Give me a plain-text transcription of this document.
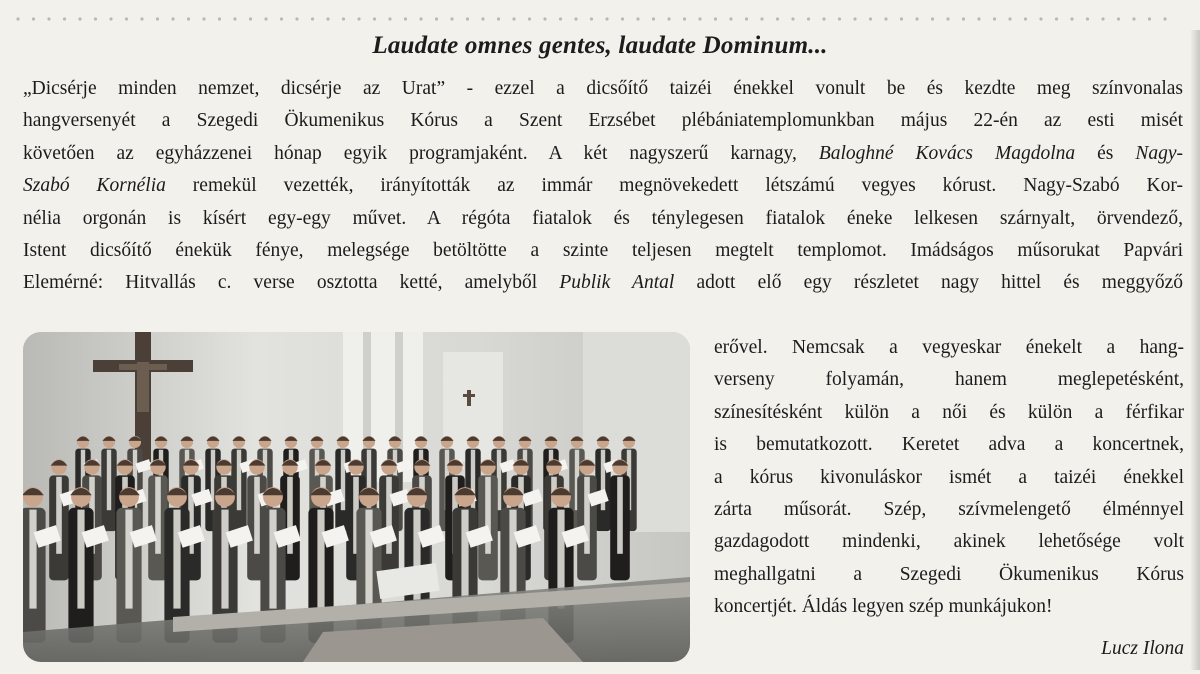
Laudate omnes gentes, laudate Dominum...
„Dicsérje minden nemzet, dicsérje az Urat” - ezzel a dicsőítő taizéi énekkel vonult be és kezdte meg színvonalas
hangversenyét a Szegedi Ökumenikus Kórus a Szent Erzsébet plébániatemplomunkban május 22-én az esti misét
követően az egyházzenei hónap egyik programjaként. A két nagyszerű karnagy, Baloghné Kovács Magdolna és Nagy-
Szabó Kornélia remekül vezették, irányították az immár megnövekedett létszámú vegyes kórust. Nagy-Szabó Kor-
nélia orgonán is kísért egy-egy művet. A régóta fiatalok és ténylegesen fiatalok éneke lelkesen szárnyalt, örvendező,
Istent dicsőítő énekük fénye, melegsége betöltötte a szinte teljesen megtelt templomot. Imádságos műsorukat Papvári
Elemérné: Hitvallás c. verse osztotta ketté, amelyből Publik Antal adott elő egy részletet nagy hittel és meggyőző
erővel. Nemcsak a vegyeskar énekelt a hang-
verseny folyamán, hanem meglepetésként,
színesítésként külön a női és külön a férfikar
is bemutatkozott. Keretet adva a koncertnek,
a kórus kivonuláskor ismét a taizéi énekkel
zárta műsorát. Szép, szívmelengető élménnyel
gazdagodott mindenki, akinek lehetősége volt
meghallgatni a Szegedi Ökumenikus Kórus
koncertjét. Áldás legyen szép munkájukon!
Lucz Ilona
